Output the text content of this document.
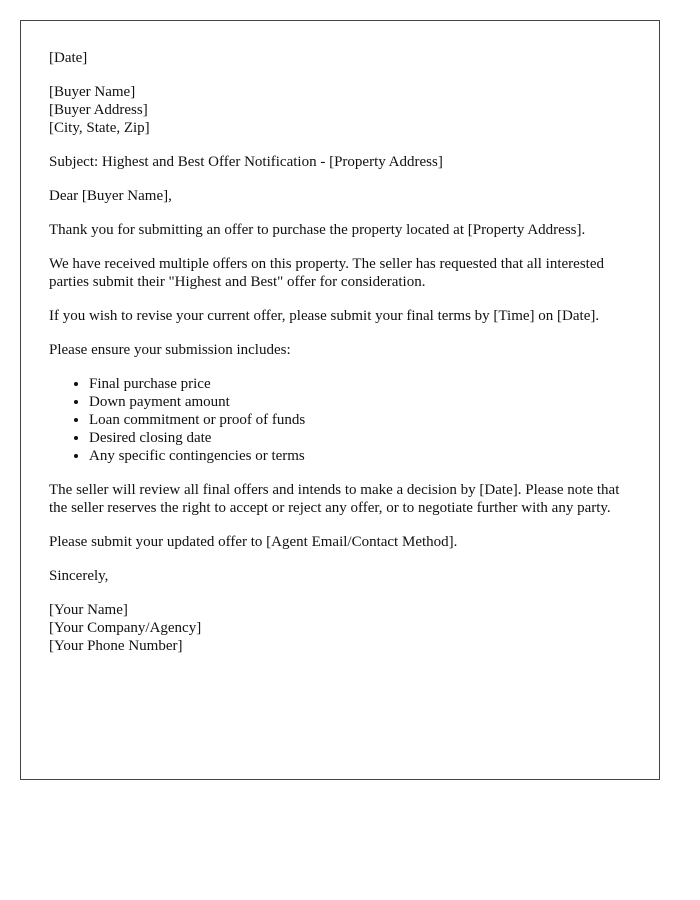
[Date]

[Buyer Name]
[Buyer Address]
[City, State, Zip]

Subject: Highest and Best Offer Notification - [Property Address]

Dear [Buyer Name],

Thank you for submitting an offer to purchase the property located at [Property Address].

We have received multiple offers on this property. The seller has requested that all interested parties submit their "Highest and Best" offer for consideration.

If you wish to revise your current offer, please submit your final terms by [Time] on [Date].

Please ensure your submission includes:

• Final purchase price
• Down payment amount
• Loan commitment or proof of funds
• Desired closing date
• Any specific contingencies or terms

The seller will review all final offers and intends to make a decision by [Date]. Please note that the seller reserves the right to accept or reject any offer, or to negotiate further with any party.

Please submit your updated offer to [Agent Email/Contact Method].

Sincerely,

[Your Name]
[Your Company/Agency]
[Your Phone Number]
